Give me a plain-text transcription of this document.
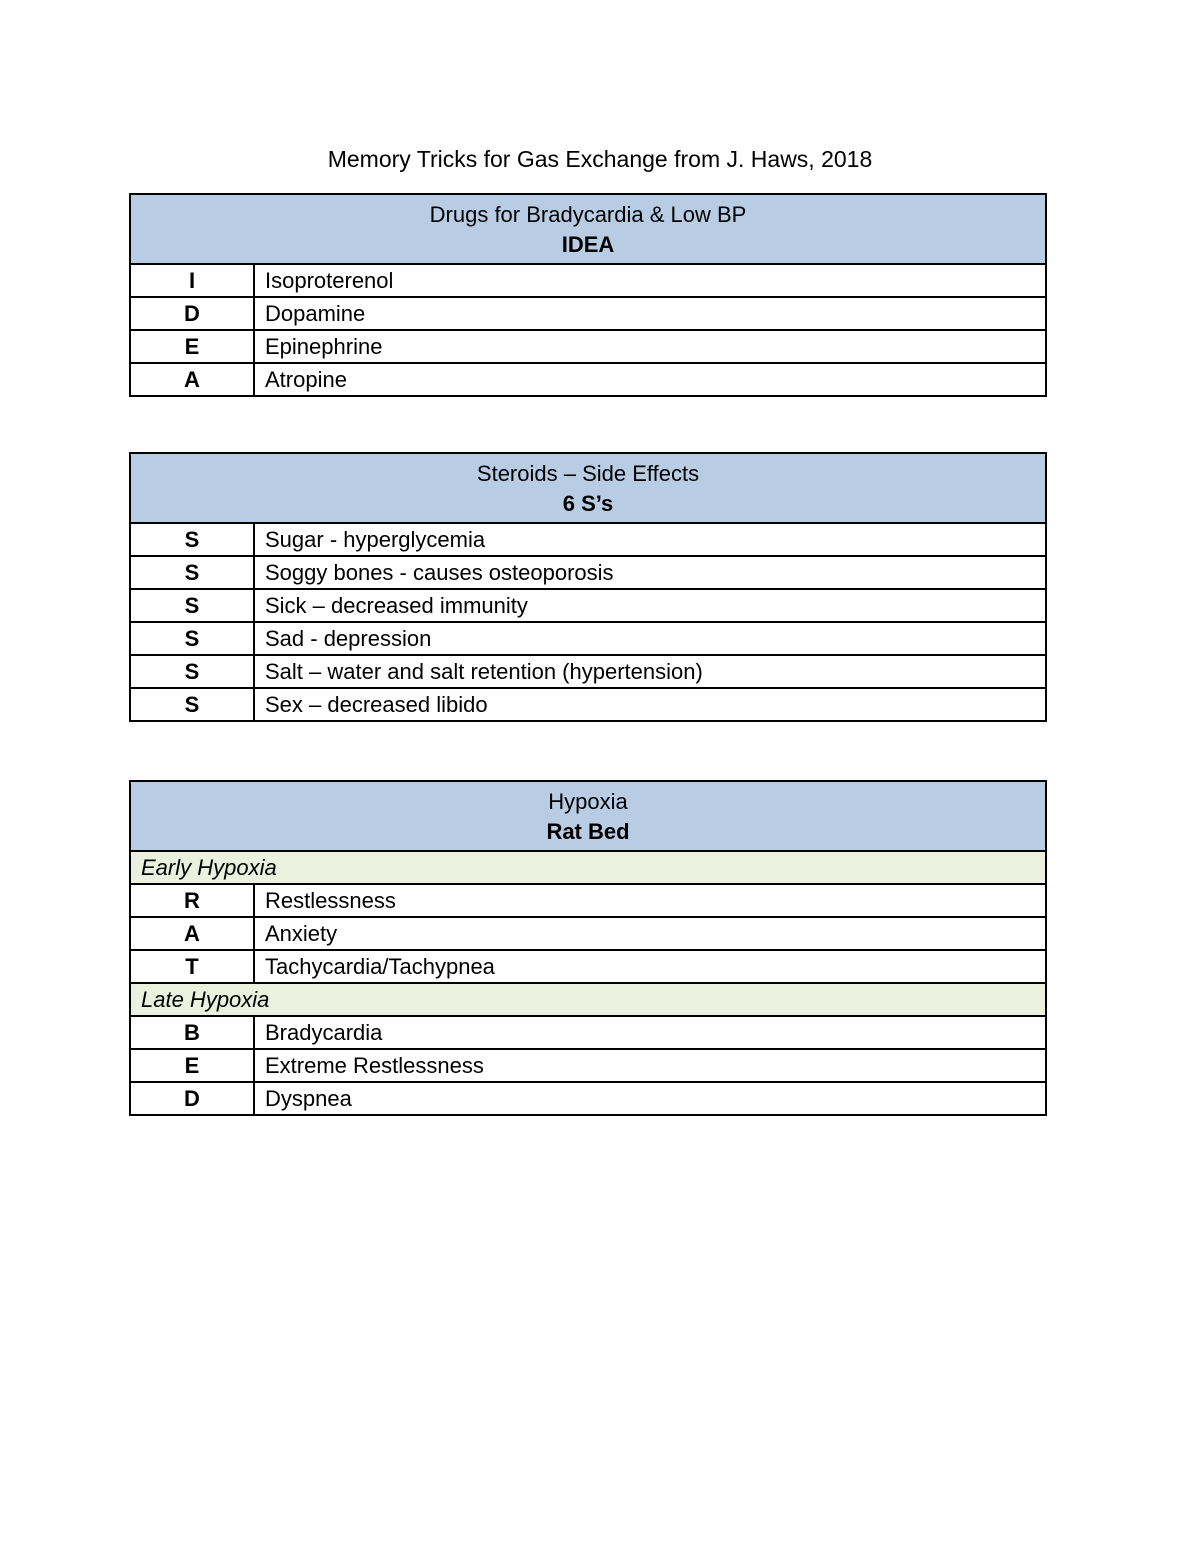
Memory Tricks for Gas Exchange from J. Haws, 2018
Drugs for Bradycardia & Low BP
IDEA	

I	Isoproterenol
D	Dopamine
E	Epinephrine
A	Atropine
Steroids – Side Effects
6 S’s	

S	Sugar - hyperglycemia
S	Soggy bones - causes osteoporosis
S	Sick – decreased immunity
S	Sad - depression
S	Salt – water and salt retention (hypertension)
S	Sex – decreased libido
Hypoxia
Rat Bed	

Early Hypoxia	
R	Restlessness
A	Anxiety
T	Tachycardia/Tachypnea
Late Hypoxia	
B	Bradycardia
E	Extreme Restlessness
D	Dyspnea
